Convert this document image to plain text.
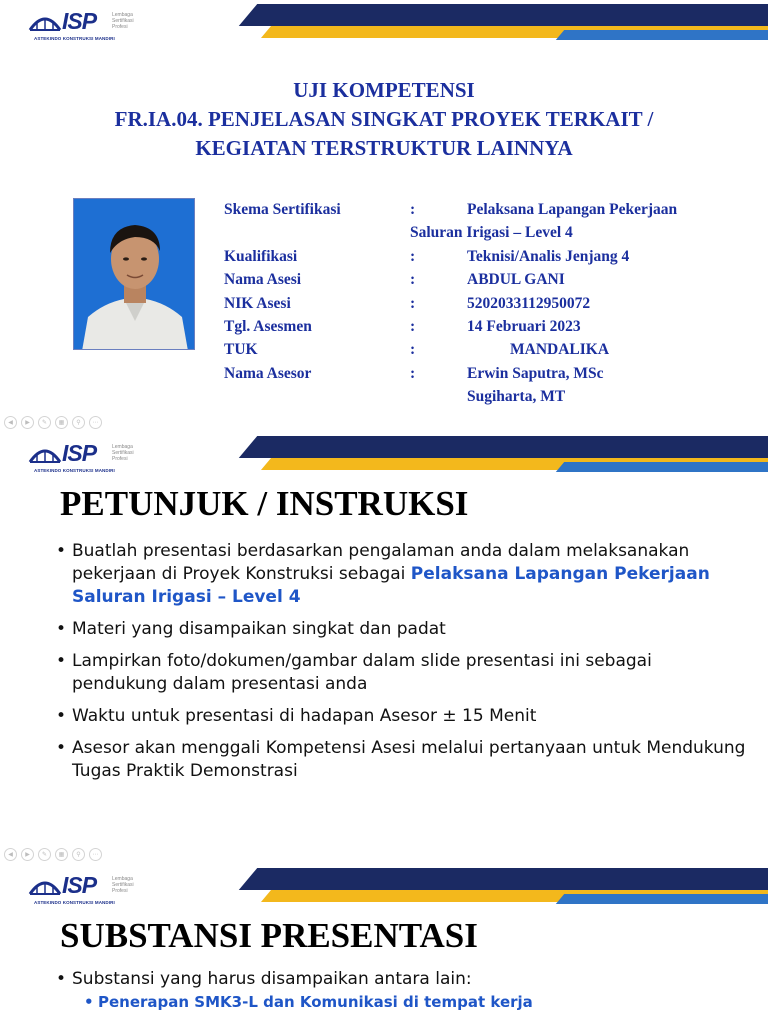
ISP	Lembaga Sertifikasi Profesi
ASTEKINDO KONSTRUKSI MANDIRI
UJI KOMPETENSI
FR.IA.04. PENJELASAN SINGKAT PROYEK TERKAIT /
KEGIATAN TERSTRUKTUR LAINNYA
Skema Sertifikasi	:	Pelaksana Lapangan Pekerjaan
Saluran Irigasi – Level 4
Kualifikasi	:	Teknisi/Analis Jenjang 4
Nama Asesi	:	ABDUL GANI
NIK Asesi	:	5202033112950072
Tgl. Asesmen	:	14 Februari 2023
TUK	:	MANDALIKA
Nama Asesor	:	Erwin Saputra, MSc
Sugiharta, MT
◀	▶	✎	▦	⚲	⋯
ISP	Lembaga Sertifikasi Profesi
ASTEKINDO KONSTRUKSI MANDIRI
PETUNJUK / INSTRUKSI
• Buatlah presentasi berdasarkan pengalaman anda dalam melaksanakan pekerjaan di Proyek Konstruksi sebagai Pelaksana Lapangan Pekerjaan Saluran Irigasi – Level 4
• Materi yang disampaikan singkat dan padat
• Lampirkan foto/dokumen/gambar dalam slide presentasi ini sebagai pendukung dalam presentasi anda
• Waktu untuk presentasi di hadapan Asesor ± 15 Menit
• Asesor akan menggali Kompetensi Asesi melalui pertanyaan untuk Mendukung Tugas Praktik Demonstrasi
◀	▶	✎	▦	⚲	⋯
ISP	Lembaga Sertifikasi Profesi
ASTEKINDO KONSTRUKSI MANDIRI
SUBSTANSI PRESENTASI
• Substansi yang harus disampaikan antara lain:
• Penerapan SMK3-L dan Komunikasi di tempat kerja
